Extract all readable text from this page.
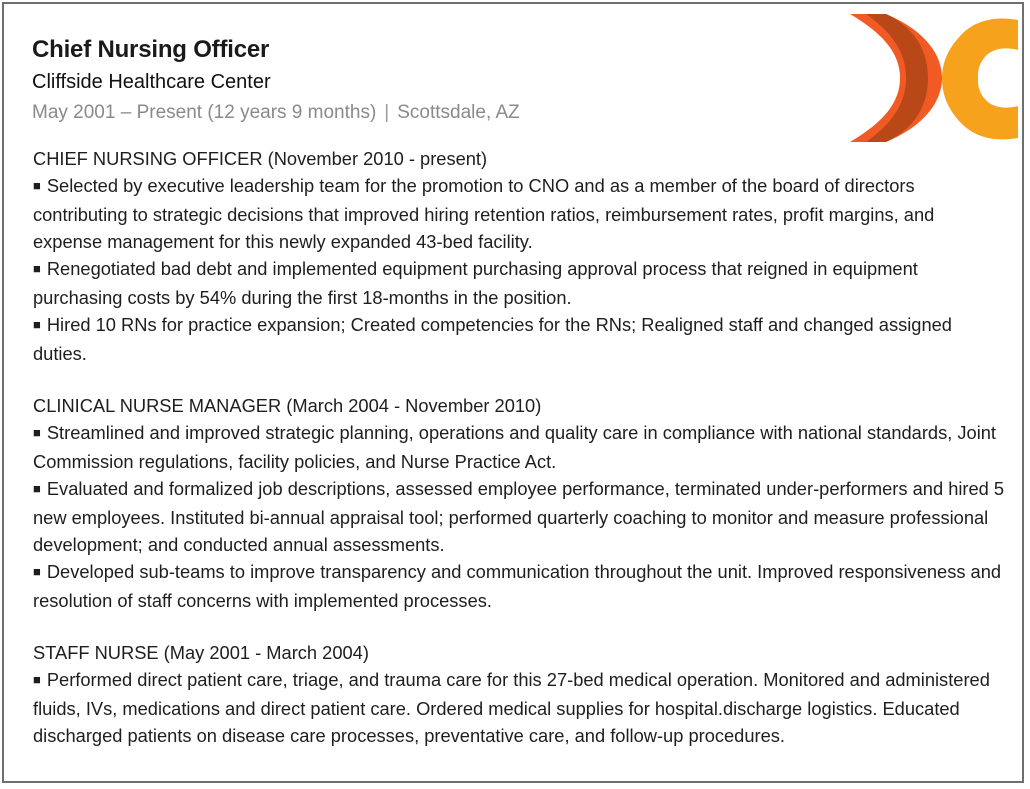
Chief Nursing Officer

Cliffside Healthcare Center

May 2001 – Present (12 years 9 months) | Scottsdale, AZ

CHIEF NURSING OFFICER (November 2010 - present)

■ Selected by executive leadership team for the promotion to CNO and as a member of the board of directors contributing to strategic decisions that improved hiring retention ratios, reimbursement rates, profit margins, and expense management for this newly expanded 43-bed facility.

■ Renegotiated bad debt and implemented equipment purchasing approval process that reigned in equipment purchasing costs by 54% during the first 18-months in the position.

■ Hired 10 RNs for practice expansion; Created competencies for the RNs; Realigned staff and changed assigned duties.

CLINICAL NURSE MANAGER (March 2004 - November 2010)

■ Streamlined and improved strategic planning, operations and quality care in compliance with national standards, Joint Commission regulations, facility policies, and Nurse Practice Act.

■ Evaluated and formalized job descriptions, assessed employee performance, terminated under-performers and hired 5 new employees. Instituted bi-annual appraisal tool; performed quarterly coaching to monitor and measure professional development; and conducted annual assessments.

■ Developed sub-teams to improve transparency and communication throughout the unit. Improved responsiveness and resolution of staff concerns with implemented processes.

STAFF NURSE (May 2001 - March 2004)

■ Performed direct patient care, triage, and trauma care for this 27-bed medical operation. Monitored and administered fluids, IVs, medications and direct patient care. Ordered medical supplies for hospital.discharge logistics. Educated discharged patients on disease care processes, preventative care, and follow-up procedures.
